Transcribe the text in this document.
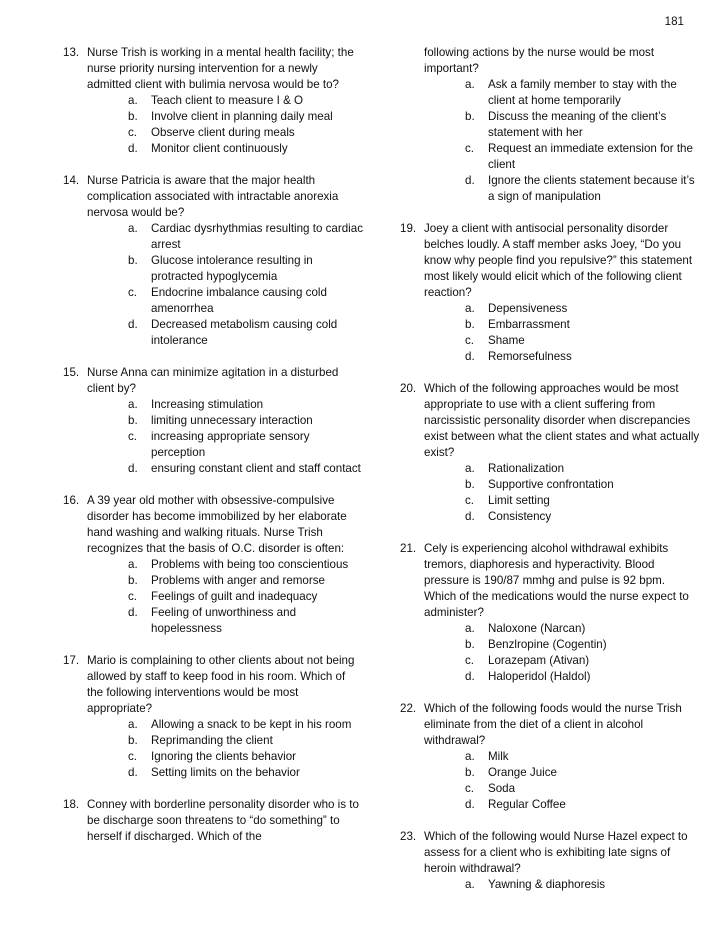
181
13. Nurse Trish is working in a mental health facility; the nurse priority nursing intervention for a newly admitted client with bulimia nervosa would be to?
a. Teach client to measure I & O
b. Involve client in planning daily meal
c. Observe client during meals
d. Monitor client continuously
14. Nurse Patricia is aware that the major health complication associated with intractable anorexia nervosa would be?
a. Cardiac dysrhythmias resulting to cardiac arrest
b. Glucose intolerance resulting in protracted hypoglycemia
c. Endocrine imbalance causing cold amenorrhea
d. Decreased metabolism causing cold intolerance
15. Nurse Anna can minimize agitation in a disturbed client by?
a. Increasing stimulation
b. limiting unnecessary interaction
c. increasing appropriate sensory perception
d. ensuring constant client and staff contact
16. A 39 year old mother with obsessive-compulsive disorder has become immobilized by her elaborate hand washing and walking rituals. Nurse Trish recognizes that the basis of O.C. disorder is often:
a. Problems with being too conscientious
b. Problems with anger and remorse
c. Feelings of guilt and inadequacy
d. Feeling of unworthiness and hopelessness
17. Mario is complaining to other clients about not being allowed by staff to keep food in his room. Which of the following interventions would be most appropriate?
a. Allowing a snack to be kept in his room
b. Reprimanding the client
c. Ignoring the clients behavior
d. Setting limits on the behavior
18. Conney with borderline personality disorder who is to be discharge soon threatens to “do something” to herself if discharged. Which of the
following actions by the nurse would be most important?
a. Ask a family member to stay with the client at home temporarily
b. Discuss the meaning of the client’s statement with her
c. Request an immediate extension for the client
d. Ignore the clients statement because it’s a sign of manipulation
19. Joey a client with antisocial personality disorder belches loudly. A staff member asks Joey, “Do you know why people find you repulsive?” this statement most likely would elicit which of the following client reaction?
a. Depensiveness
b. Embarrassment
c. Shame
d. Remorsefulness
20. Which of the following approaches would be most appropriate to use with a client suffering from narcissistic personality disorder when discrepancies exist between what the client states and what actually exist?
a. Rationalization
b. Supportive confrontation
c. Limit setting
d. Consistency
21. Cely is experiencing alcohol withdrawal exhibits tremors, diaphoresis and hyperactivity. Blood pressure is 190/87 mmhg and pulse is 92 bpm. Which of the medications would the nurse expect to administer?
a. Naloxone (Narcan)
b. Benzlropine (Cogentin)
c. Lorazepam (Ativan)
d. Haloperidol (Haldol)
22. Which of the following foods would the nurse Trish eliminate from the diet of a client in alcohol withdrawal?
a. Milk
b. Orange Juice
c. Soda
d. Regular Coffee
23. Which of the following would Nurse Hazel expect to assess for a client who is exhibiting late signs of heroin withdrawal?
a. Yawning & diaphoresis
